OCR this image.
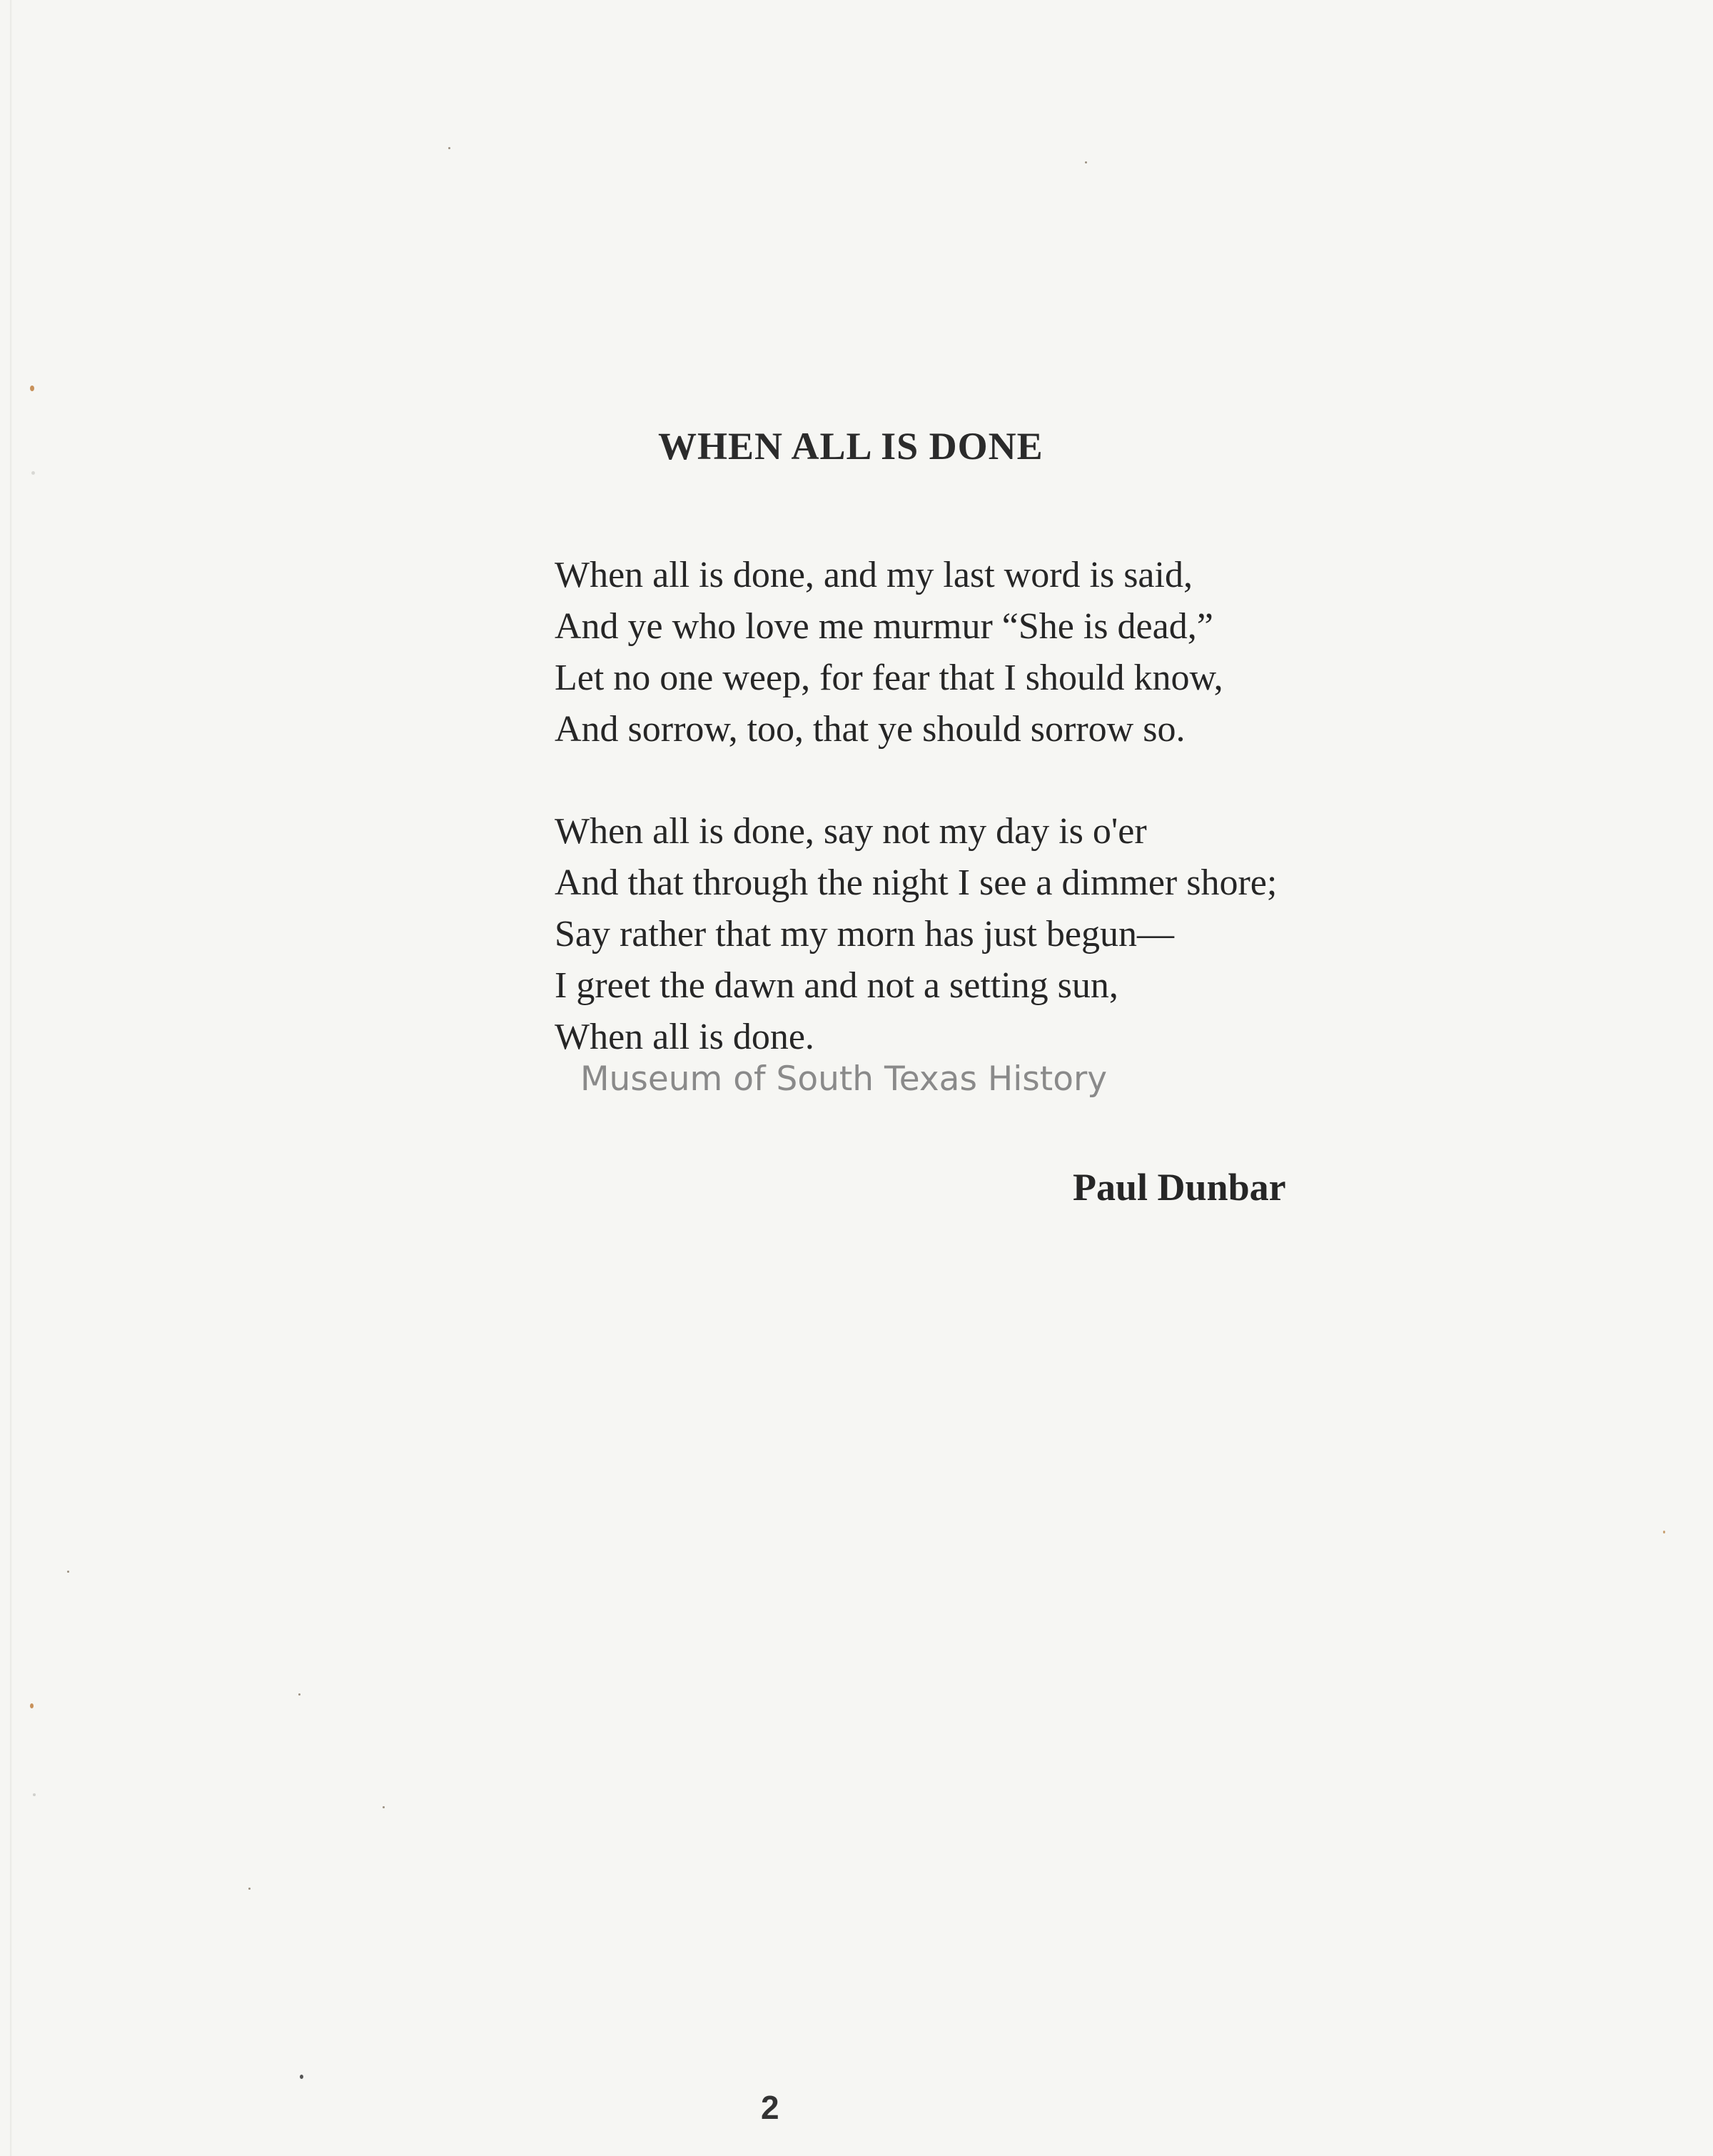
WHEN ALL IS DONE
When all is done, and my last word is said,
And ye who love me murmur “She is dead,”
Let no one weep, for fear that I should know,
And sorrow, too, that ye should sorrow so.
When all is done, say not my day is o'er
And that through the night I see a dimmer shore;
Say rather that my morn has just begun—
I greet the dawn and not a setting sun,
When all is done.
Museum of South Texas History
Paul Dunbar
2
